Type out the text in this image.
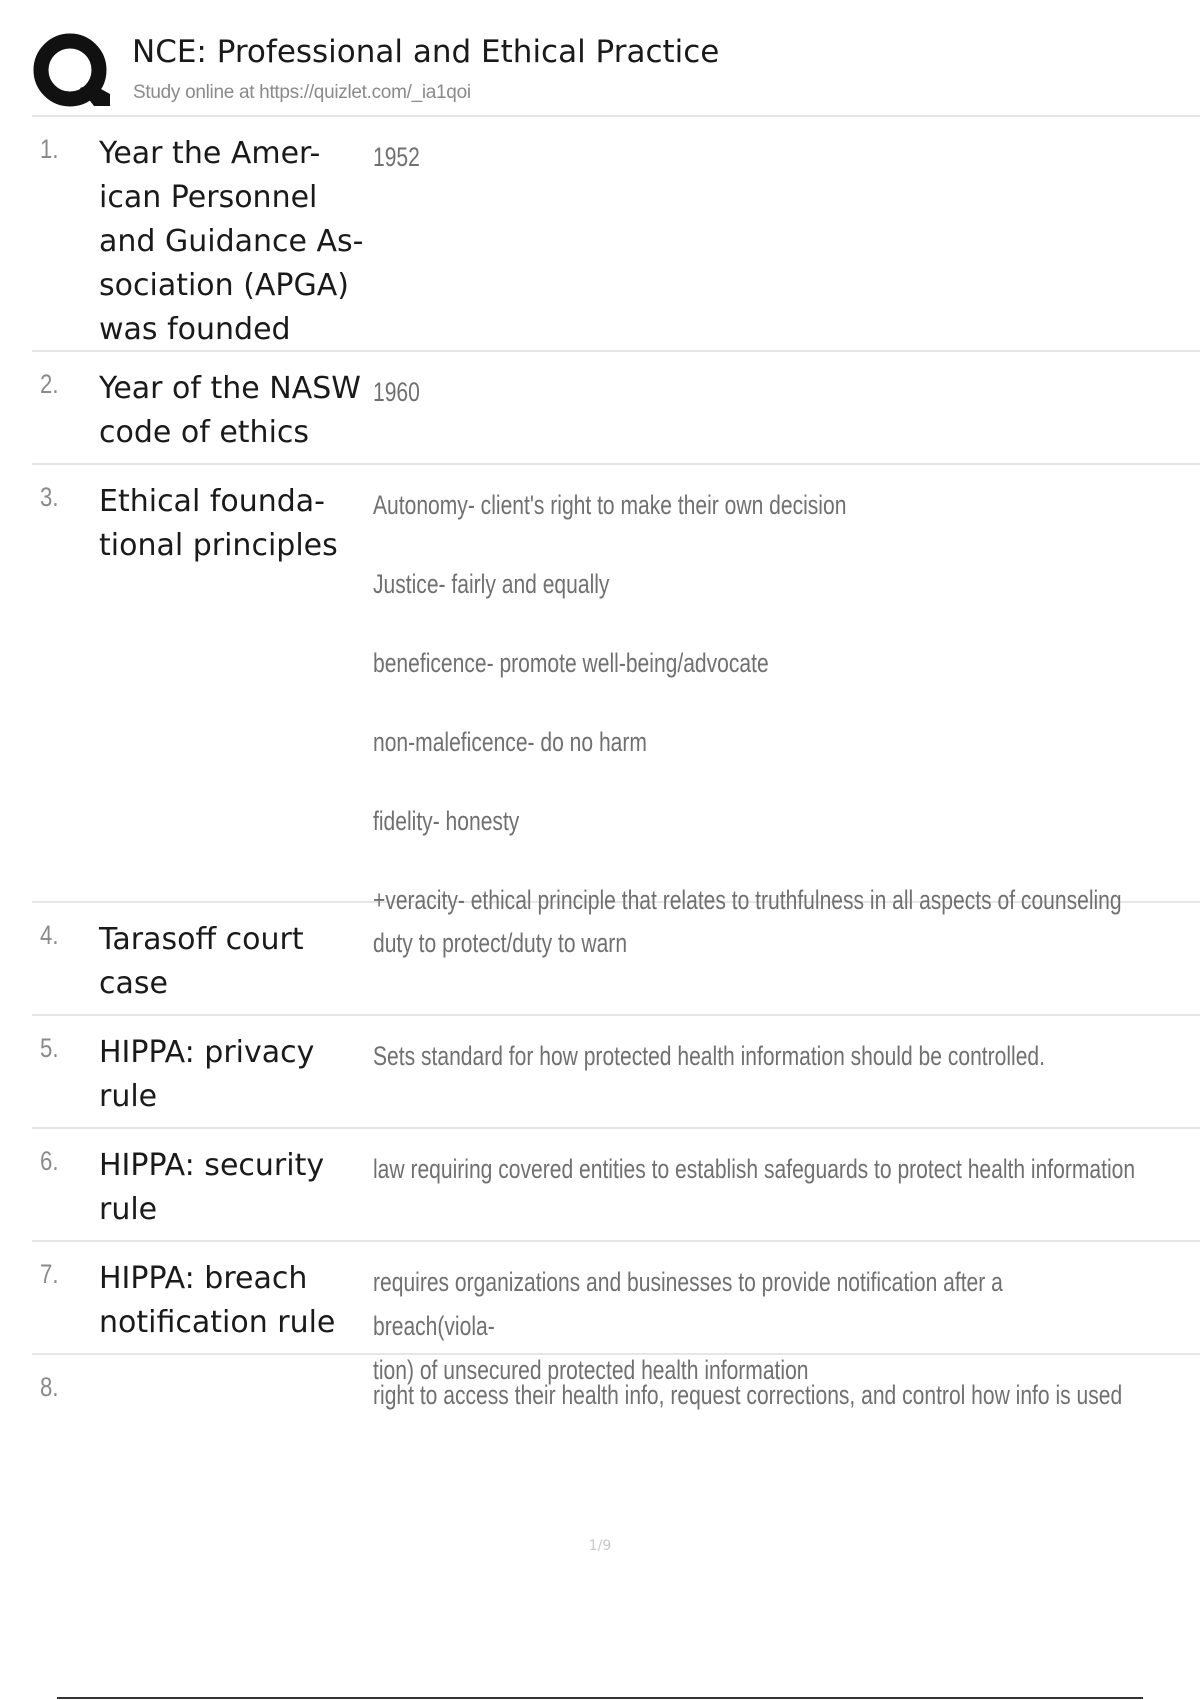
NCE: Professional and Ethical Practice
Study online at https://quizlet.com/_ia1qoi
1. Year the Amer-
ican Personnel
and Guidance As-
sociation (APGA)
was founded
1952
2. Year of the NASW
code of ethics
1960
3. Ethical founda-
tional principles
Autonomy- client's right to make their own decision
Justice- fairly and equally
beneficence- promote well-being/advocate
non-maleficence- do no harm
fidelity- honesty
+veracity- ethical principle that relates to truthfulness in all aspects of counseling
4. Tarasoff court
case
duty to protect/duty to warn
5. HIPPA: privacy
rule
Sets standard for how protected health information should be controlled.
6. HIPPA: security
rule
law requiring covered entities to establish safeguards to protect health information
7. HIPPA: breach
notification rule
requires organizations and businesses to provide notification after a breach(viola-
tion) of unsecured protected health information
8.	right to access their health info, request corrections, and control how info is used
1/9
